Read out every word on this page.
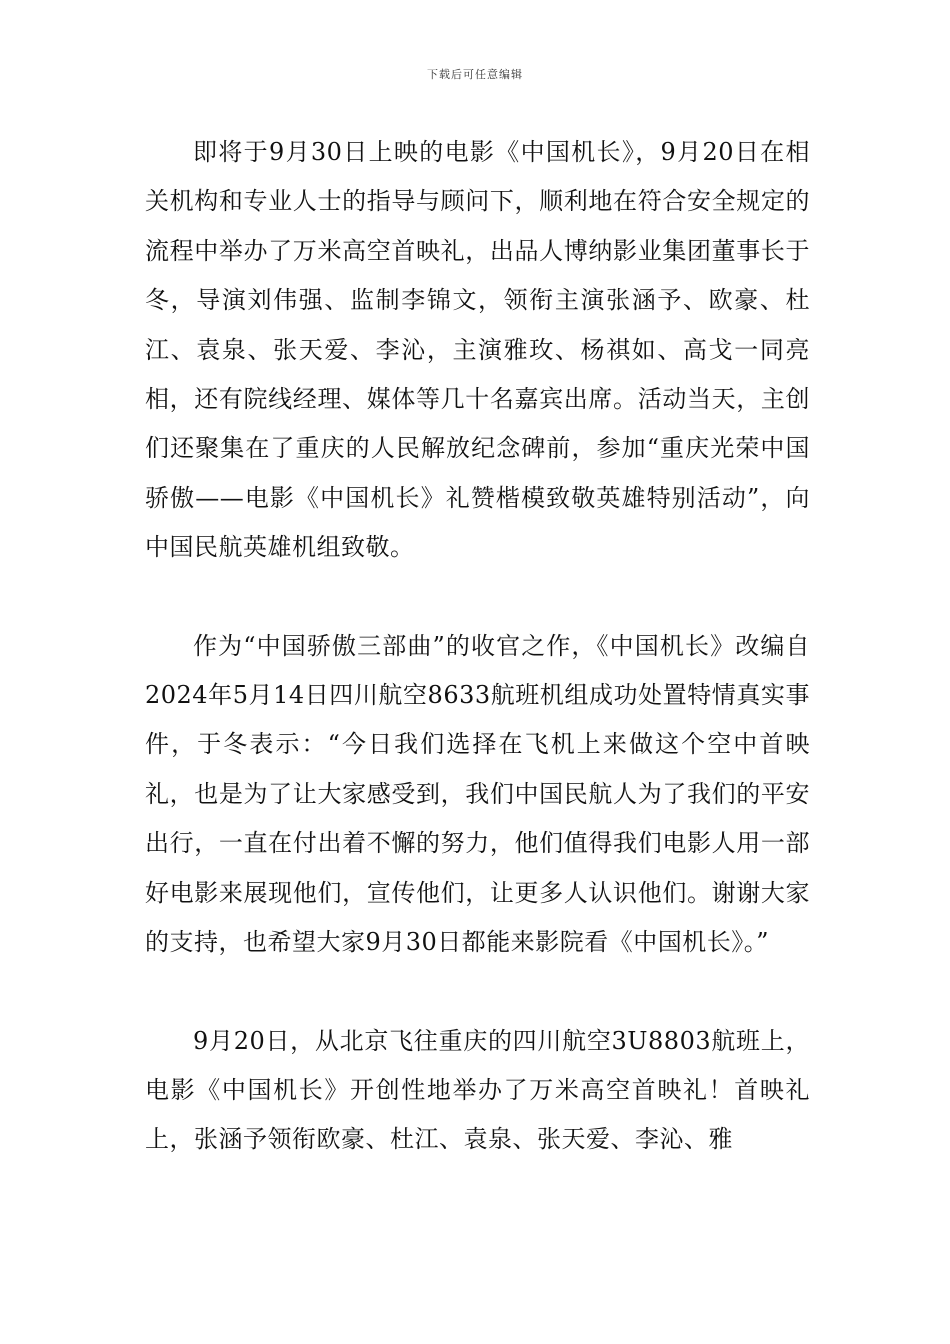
下载后可任意编辑

即将于9月30日上映的电影《中国机长》，9月20日在相关机构和专业人士的指导与顾问下，顺利地在符合安全规定的流程中举办了万米高空首映礼，出品人博纳影业集团董事长于冬，导演刘伟强、监制李锦文，领衔主演张涵予、欧豪、杜江、袁泉、张天爱、李沁，主演雅玫、杨祺如、高戈一同亮相，还有院线经理、媒体等几十名嘉宾出席。活动当天，主创们还聚集在了重庆的人民解放纪念碑前，参加“重庆光荣中国骄傲——电影《中国机长》礼赞楷模致敬英雄特别活动”，向中国民航英雄机组致敬。

作为“中国骄傲三部曲”的收官之作，《中国机长》改编自2024年5月14日四川航空8633航班机组成功处置特情真实事件，于冬表示：“今日我们选择在飞机上来做这个空中首映礼，也是为了让大家感受到，我们中国民航人为了我们的平安出行，一直在付出着不懈的努力，他们值得我们电影人用一部好电影来展现他们，宣传他们，让更多人认识他们。谢谢大家的支持，也希望大家9月30日都能来影院看《中国机长》。”

9月20日，从北京飞往重庆的四川航空3U8803航班上，电影《中国机长》开创性地举办了万米高空首映礼！首映礼上，张涵予领衔欧豪、杜江、袁泉、张天爱、李沁、雅
